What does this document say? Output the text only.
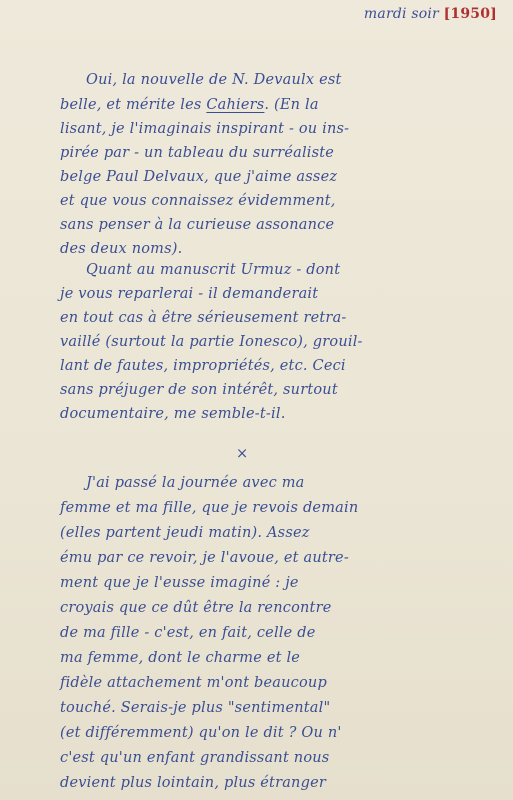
mardi soir [1950]
Oui, la nouvelle de N. Devaulx est
belle, et mérite les Cahiers. (En la
lisant, je l'imaginais inspirant - ou ins-
pirée par - un tableau du surréaliste
belge Paul Delvaux, que j'aime assez
et que vous connaissez évidemment,
sans penser à la curieuse assonance
des deux noms).
Quant au manuscrit Urmuz - dont
je vous reparlerai - il demanderait
en tout cas à être sérieusement retra-
vaillé (surtout la partie Ionesco), grouil-
lant de fautes, impropriétés, etc. Ceci
sans préjuger de son intérêt, surtout
documentaire, me semble-t-il.
×
J'ai passé la journée avec ma
femme et ma fille, que je revois demain
(elles partent jeudi matin). Assez
ému par ce revoir, je l'avoue, et autre-
ment que je l'eusse imaginé : je
croyais que ce dût être la rencontre
de ma fille - c'est, en fait, celle de
ma femme, dont le charme et le
fidèle attachement m'ont beaucoup
touché. Serais-je plus "sentimental"
(et différemment) qu'on le dit ? Ou n'
c'est qu'un enfant grandissant nous
devient plus lointain, plus étranger
